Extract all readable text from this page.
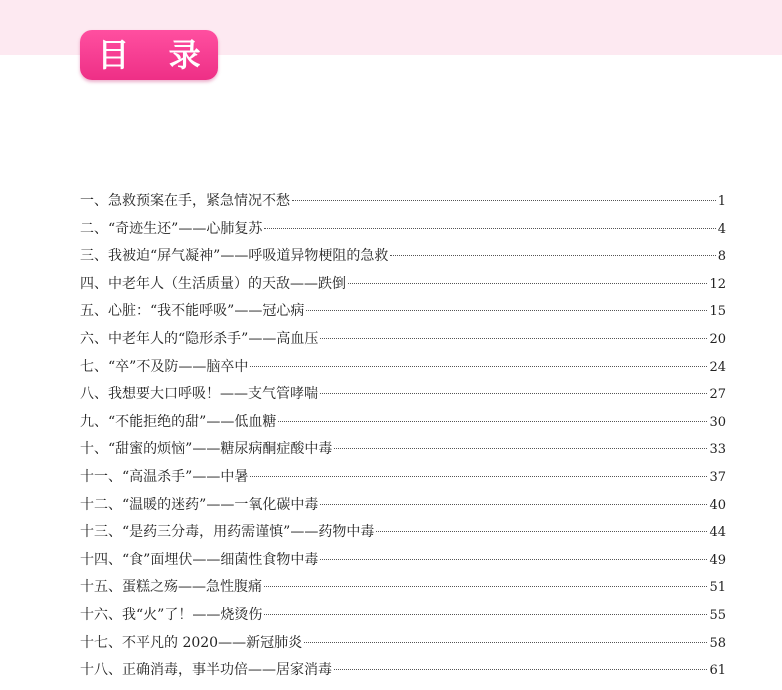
目 录
一、急救预案在手，紧急情况不愁	1
二、“奇迹生还”——心肺复苏	4
三、我被迫“屏气凝神”——呼吸道异物梗阻的急救	8
四、中老年人（生活质量）的天敌——跌倒	12
五、心脏：“我不能呼吸”——冠心病	15
六、中老年人的“隐形杀手”——高血压	20
七、“卒”不及防——脑卒中	24
八、我想要大口呼吸！——支气管哮喘	27
九、“不能拒绝的甜”——低血糖	30
十、“甜蜜的烦恼”——糖尿病酮症酸中毒	33
十一、“高温杀手”——中暑	37
十二、“温暖的迷药”——一氧化碳中毒	40
十三、“是药三分毒，用药需谨慎”——药物中毒	44
十四、“食”面埋伏——细菌性食物中毒	49
十五、蛋糕之殇——急性腹痛	51
十六、我“火”了！——烧烫伤	55
十七、不平凡的 2020——新冠肺炎	58
十八、正确消毒，事半功倍——居家消毒	61
